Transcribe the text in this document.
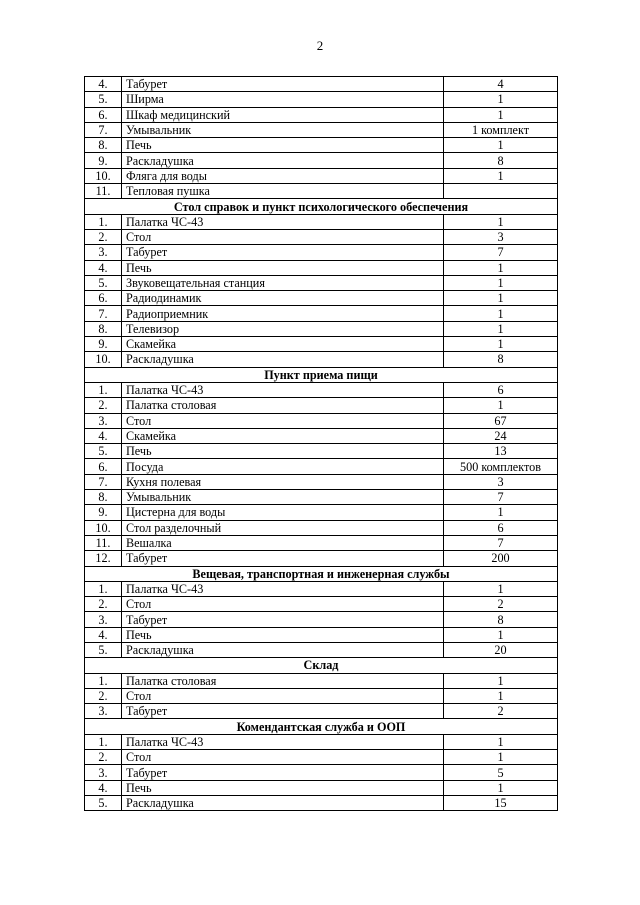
2
4.	Табурет	4
5.	Ширма	1
6.	Шкаф медицинский	1
7.	Умывальник	1 комплект
8.	Печь	1
9.	Раскладушка	8
10.	Фляга для воды	1
11.	Тепловая пушка	
Стол справок и пункт психологического обеспечения		
1.	Палатка ЧС-43	1
2.	Стол	3
3.	Табурет	7
4.	Печь	1
5.	Звуковещательная станция	1
6.	Радиодинамик	1
7.	Радиоприемник	1
8.	Телевизор	1
9.	Скамейка	1
10.	Раскладушка	8
Пункт приема пищи		
1.	Палатка ЧС-43	6
2.	Палатка столовая	1
3.	Стол	67
4.	Скамейка	24
5.	Печь	13
6.	Посуда	500 комплектов
7.	Кухня полевая	3
8.	Умывальник	7
9.	Цистерна для воды	1
10.	Стол разделочный	6
11.	Вешалка	7
12.	Табурет	200
Вещевая, транспортная и инженерная службы		
1.	Палатка ЧС-43	1
2.	Стол	2
3.	Табурет	8
4.	Печь	1
5.	Раскладушка	20
Склад		
1.	Палатка столовая	1
2.	Стол	1
3.	Табурет	2
Комендантская служба и ООП		
1.	Палатка ЧС-43	1
2.	Стол	1
3.	Табурет	5
4.	Печь	1
5.	Раскладушка	15
